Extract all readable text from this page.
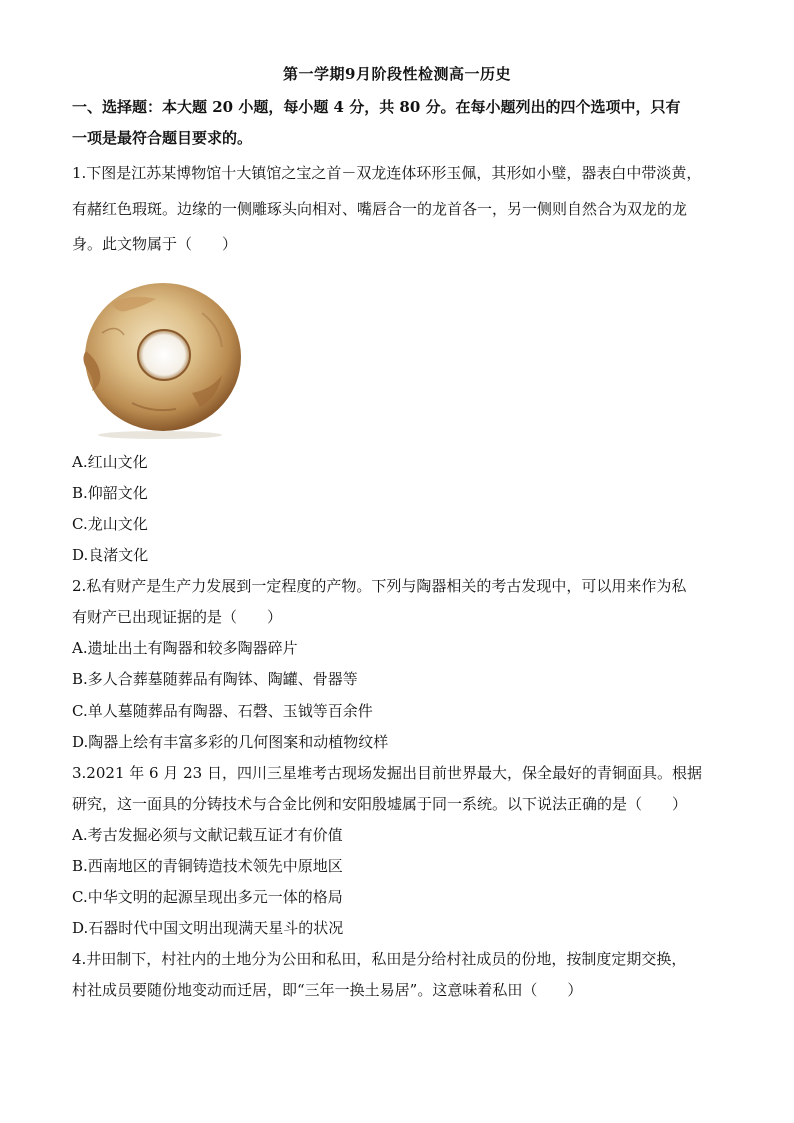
第一学期9月阶段性检测高一历史
一、选择题：本大题 20 小题，每小题 4 分，共 80 分。在每小题列出的四个选项中，只有
一项是最符合题目要求的。
1.下图是江苏某博物馆十大镇馆之宝之首－双龙连体环形玉佩，其形如小璧，器表白中带淡黄，
有赭红色瑕斑。边缘的一侧雕琢头向相对、嘴唇合一的龙首各一，另一侧则自然合为双龙的龙
身。此文物属于（　　）
A.红山文化
B.仰韶文化
C.龙山文化
D.良渚文化
2.私有财产是生产力发展到一定程度的产物。下列与陶器相关的考古发现中，可以用来作为私
有财产已出现证据的是（　　）
A.遗址出土有陶器和较多陶器碎片
B.多人合葬墓随葬品有陶钵、陶罐、骨器等
C.单人墓随葬品有陶器、石磬、玉钺等百余件
D.陶器上绘有丰富多彩的几何图案和动植物纹样
3.2021 年 6 月 23 日，四川三星堆考古现场发掘出目前世界最大，保全最好的青铜面具。根据
研究，这一面具的分铸技术与合金比例和安阳殷墟属于同一系统。以下说法正确的是（　　）
A.考古发掘必须与文献记载互证才有价值
B.西南地区的青铜铸造技术领先中原地区
C.中华文明的起源呈现出多元一体的格局
D.石器时代中国文明出现满天星斗的状况
4.井田制下，村社内的土地分为公田和私田，私田是分给村社成员的份地，按制度定期交换，
村社成员要随份地变动而迁居，即“三年一换土易居”。这意味着私田（　　）
